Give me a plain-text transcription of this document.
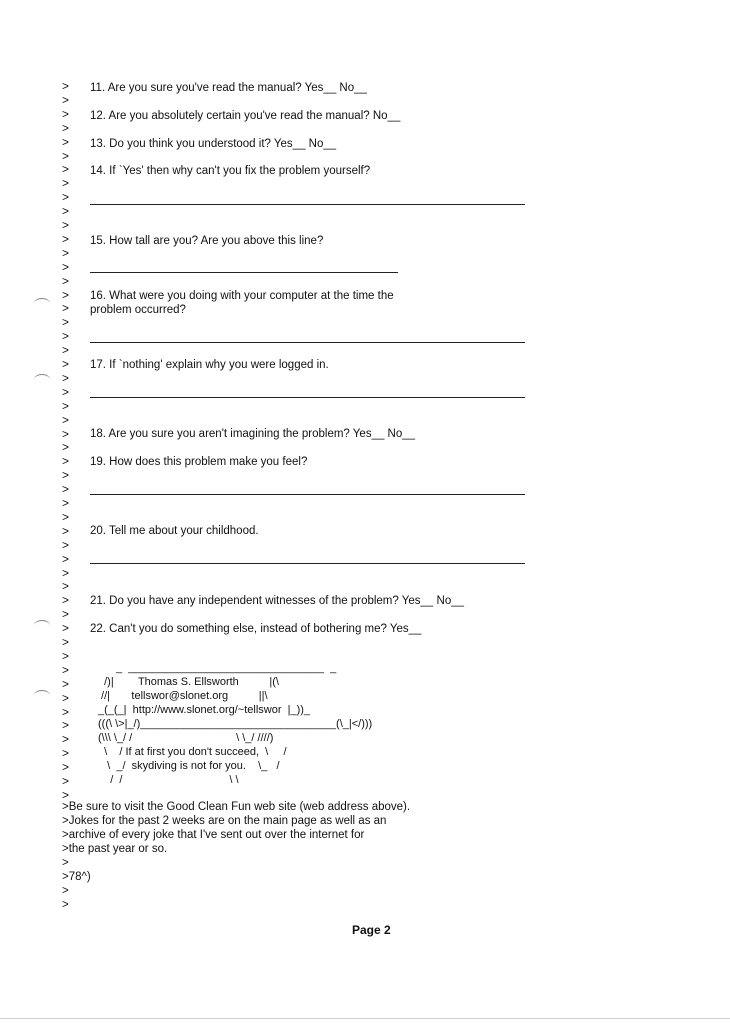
>
>
>
>
>
>
>
>
>
>
>
>
>
>
>
>
>
>
>
>
>
>
>
>
>
>
>
>
>
>
>
>
>
>
>
>
>
>
>
>
>
>
>
>
>
>
>
>
>
>
>
>
11. Are you sure you've read the manual? Yes__ No__
12. Are you absolutely certain you've read the manual? No__
13. Do you think you understood it? Yes__ No__
14. If `Yes' then why can't you fix the problem yourself?
15. How tall are you? Are you above this line?
16. What were you doing with your computer at the time the
problem occurred?
17. If `nothing' explain why you were logged in.
18. Are you sure you aren't imagining the problem? Yes__ No__
19. How does this problem make you feel?
20. Tell me about your childhood.
21. Do you have any independent witnesses of the problem? Yes__ No__
22. Can't you do something else, instead of bothering me? Yes__
_  ________________________________  _
/)|        Thomas S. Ellsworth          |(\
//|       tellswor@slonet.org          ||\
_(_(_|  http://www.slonet.org/~tellswor  |_))_
(((\ \>|_/)________________________________(\_|</)))
(\\\ \_/ /                                  \ \_/ ////)
\    / If at first you don't succeed,  \     /
\  _/  skydiving is not for you.    \_   /
/  /                                   \ \
>Be sure to visit the Good Clean Fun web site (web address above).
>Jokes for the past 2 weeks are on the main page as well as an
>archive of every joke that I've sent out over the internet for
>the past year or so.
>
>78^)
>
>
Page 2
